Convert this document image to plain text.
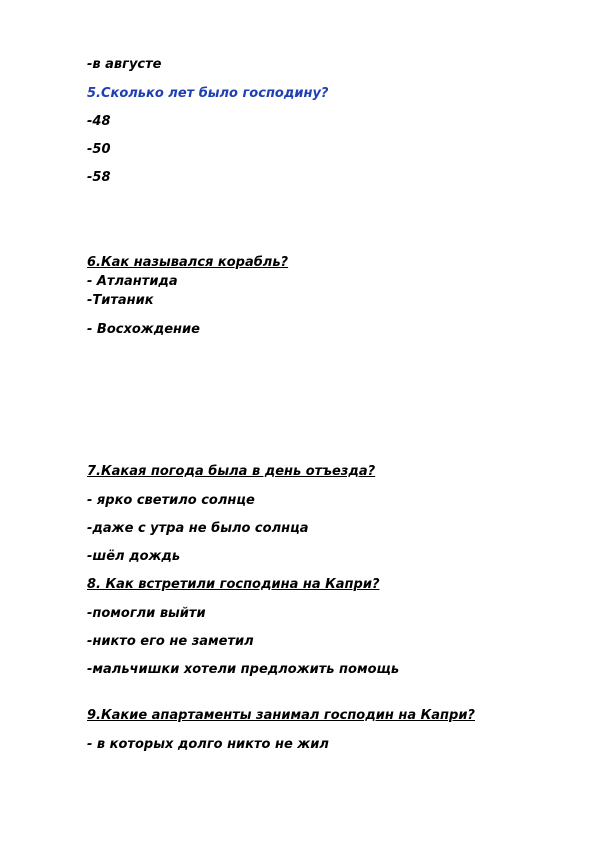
-в августе
5.Сколько лет было господину?
-48
-50
-58
6.Как назывался корабль?
- Атлантида
-Титаник
- Восхождение
7.Какая погода была в день отъезда?
- ярко светило солнце
-даже с утра не было солнца
-шёл дождь
8. Как встретили господина на Капри?
-помогли выйти
-никто его не заметил
-мальчишки хотели предложить помощь
9.Какие апартаменты занимал господин на Капри?
- в которых долго никто не жил
